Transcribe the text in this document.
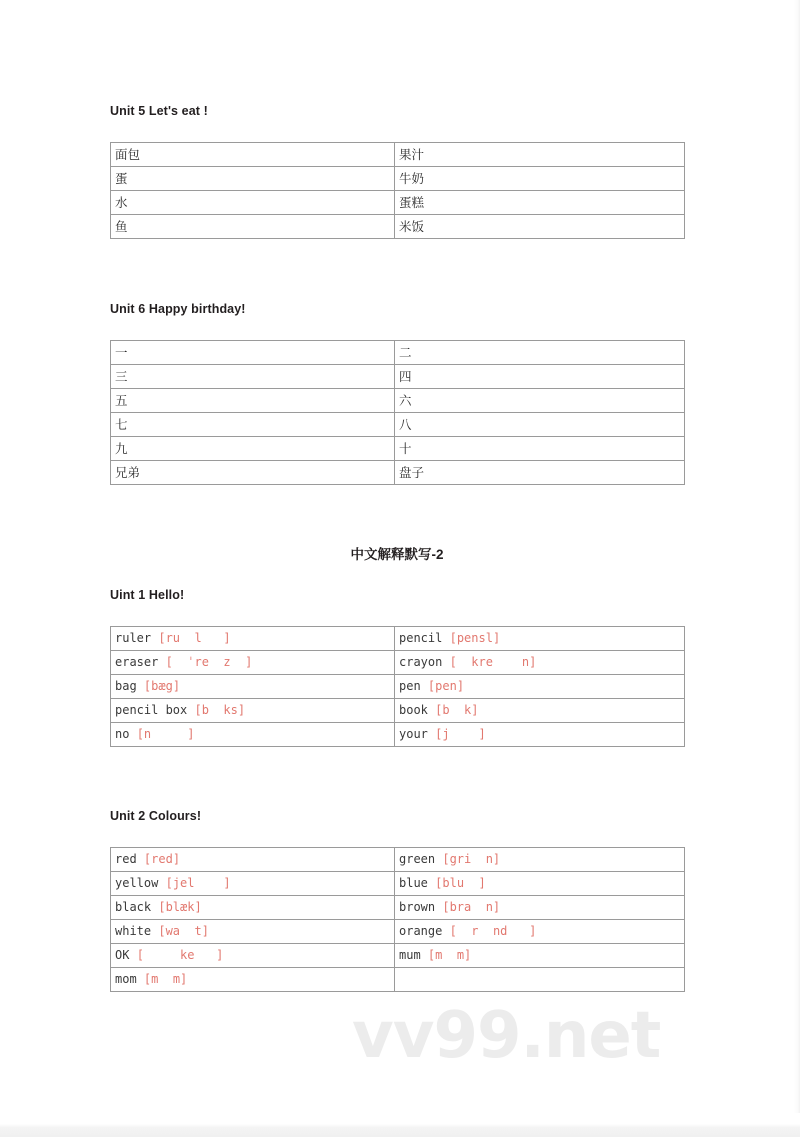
Unit 5 Let's eat !
面包	果汁
蛋	牛奶
水	蛋糕
鱼	米饭
Unit 6 Happy birthday!
一	二
三	四
五	六
七	八
九	十
兄弟	盘子
中文解释默写-2
Uint 1 Hello!
ruler [ru  l   ]	pencil [pensl]
eraser [  ˈre  z  ]	crayon [  kre    n]
bag [bæg]	pen [pen]
pencil box [b  ks]	book [b  k]
no [n     ]	your [j    ]
Unit 2 Colours!
red [red]	green [gri  n]
yellow [jel    ]	blue [blu  ]
black [blæk]	brown [bra  n]
white [wa  t]	orange [  r  nd   ]
OK [     ke   ]	mum [m  m]
mom [m  m]	
vv99.net
